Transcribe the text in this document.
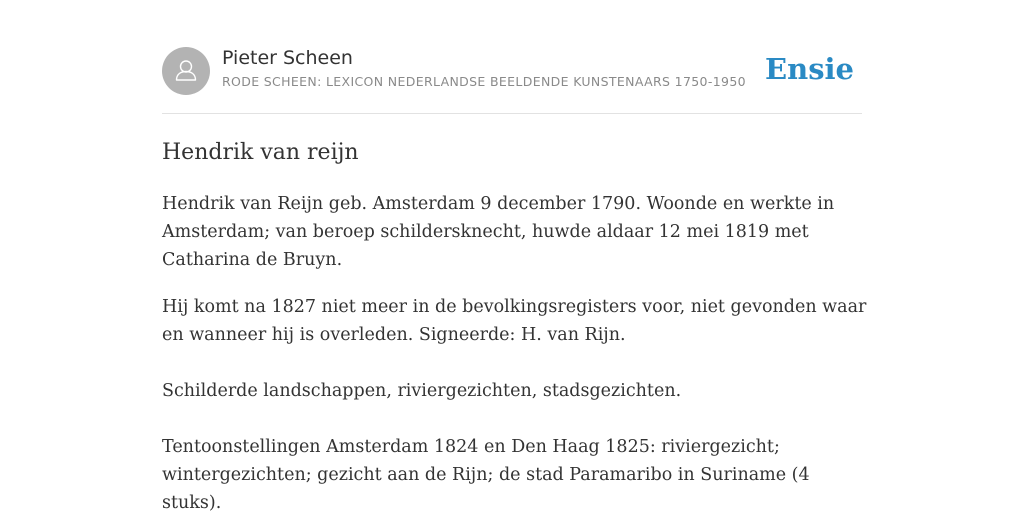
Pieter Scheen
RODE SCHEEN: LEXICON NEDERLANDSE BEELDENDE KUNSTENAARS 1750-1950 Ensie
Hendrik van reijn

Hendrik van Reijn geb. Amsterdam 9 december 1790. Woonde en werkte in Amsterdam; van beroep schildersknecht, huwde aldaar 12 mei 1819 met Catharina de Bruyn.

Hij komt na 1827 niet meer in de bevolkingsregisters voor, niet gevonden waar en wanneer hij is overleden. Signeerde: H. van Rijn.

Schilderde landschappen, riviergezichten, stadsgezichten.

Tentoonstellingen Amsterdam 1824 en Den Haag 1825: riviergezicht; wintergezichten; gezicht aan de Rijn; de stad Paramaribo in Suriname (4 stuks).
